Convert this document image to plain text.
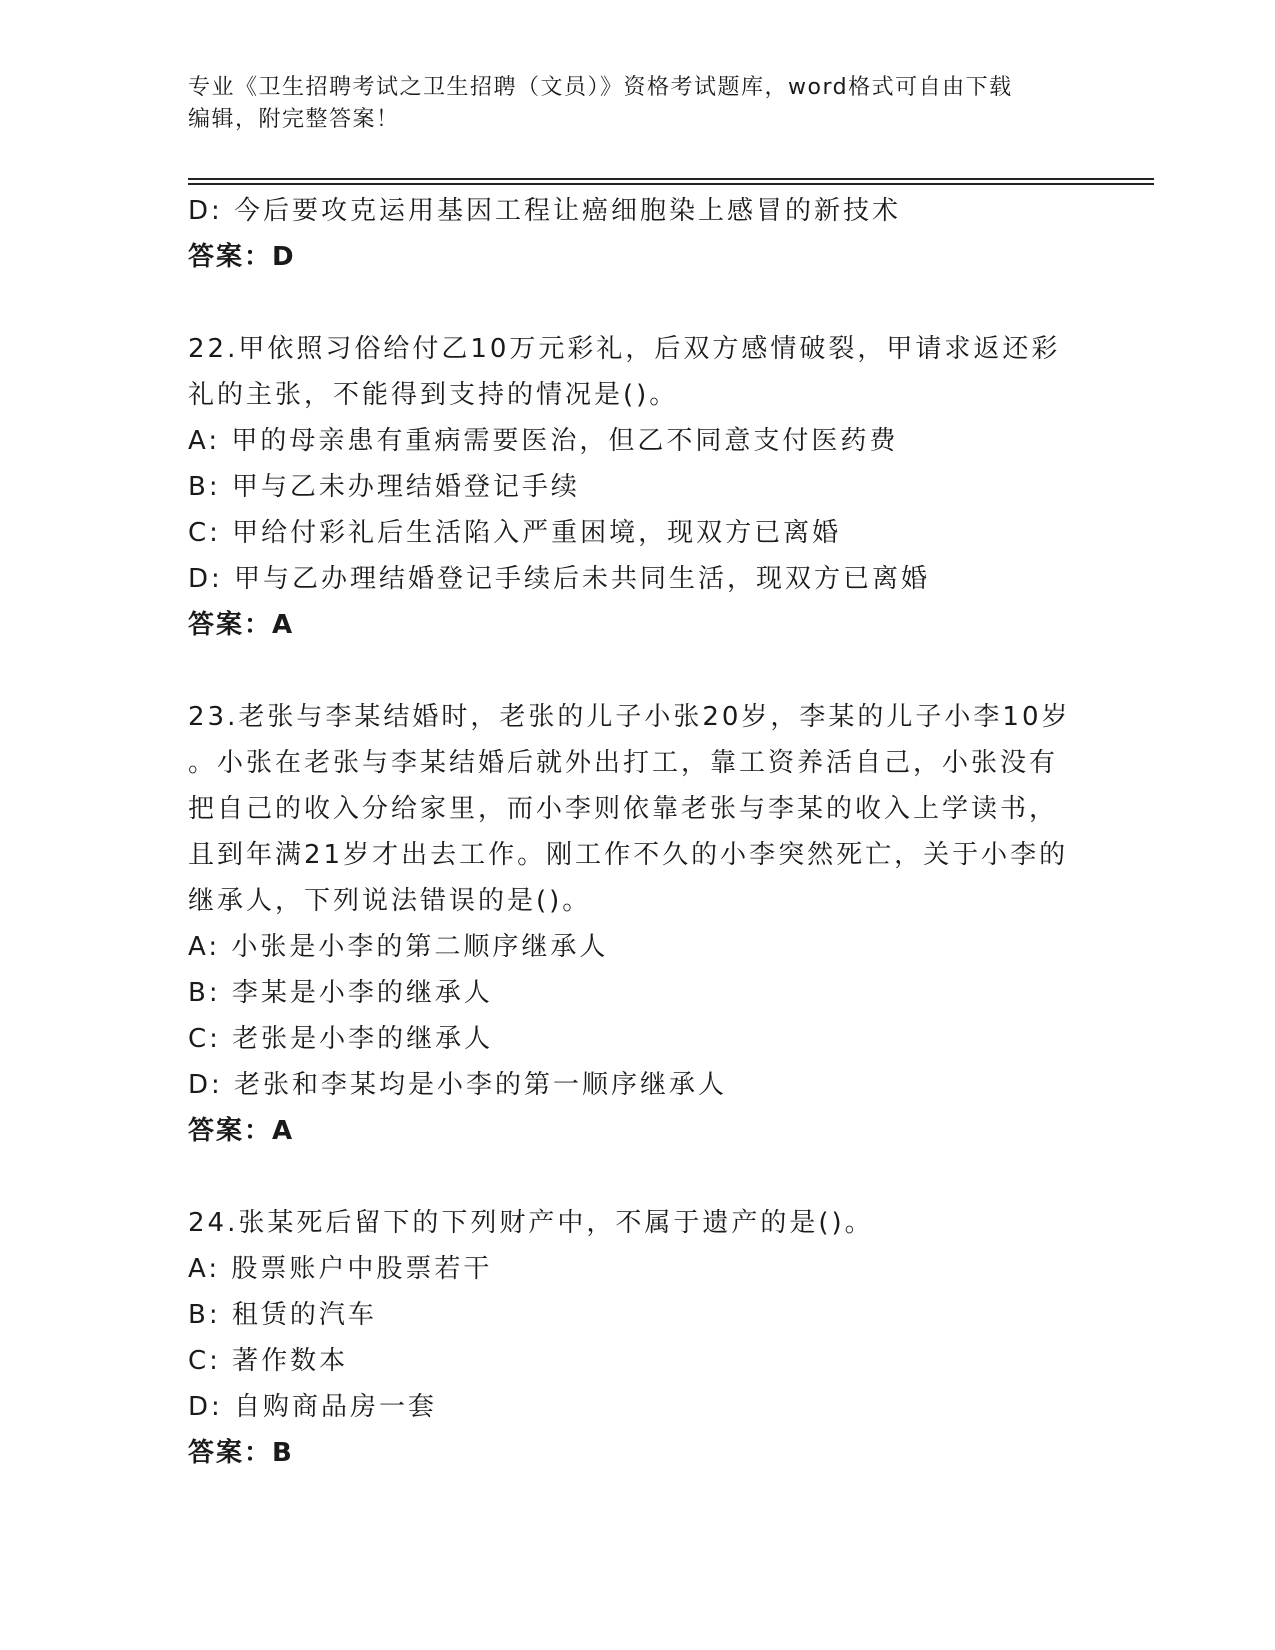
专业《卫生招聘考试之卫生招聘（文员）》资格考试题库，word格式可自由下载
编辑，附完整答案！
D: 今后要攻克运用基因工程让癌细胞染上感冒的新技术
答案：D
22.甲依照习俗给付乙10万元彩礼，后双方感情破裂，甲请求返还彩
礼的主张，不能得到支持的情况是()。
A: 甲的母亲患有重病需要医治，但乙不同意支付医药费
B: 甲与乙未办理结婚登记手续
C: 甲给付彩礼后生活陷入严重困境，现双方已离婚
D: 甲与乙办理结婚登记手续后未共同生活，现双方已离婚
答案：A
23.老张与李某结婚时，老张的儿子小张20岁，李某的儿子小李10岁
。小张在老张与李某结婚后就外出打工，靠工资养活自己，小张没有
把自己的收入分给家里，而小李则依靠老张与李某的收入上学读书，
且到年满21岁才出去工作。刚工作不久的小李突然死亡，关于小李的
继承人，下列说法错误的是()。
A: 小张是小李的第二顺序继承人
B: 李某是小李的继承人
C: 老张是小李的继承人
D: 老张和李某均是小李的第一顺序继承人
答案：A
24.张某死后留下的下列财产中，不属于遗产的是()。
A: 股票账户中股票若干
B: 租赁的汽车
C: 著作数本
D: 自购商品房一套
答案：B
